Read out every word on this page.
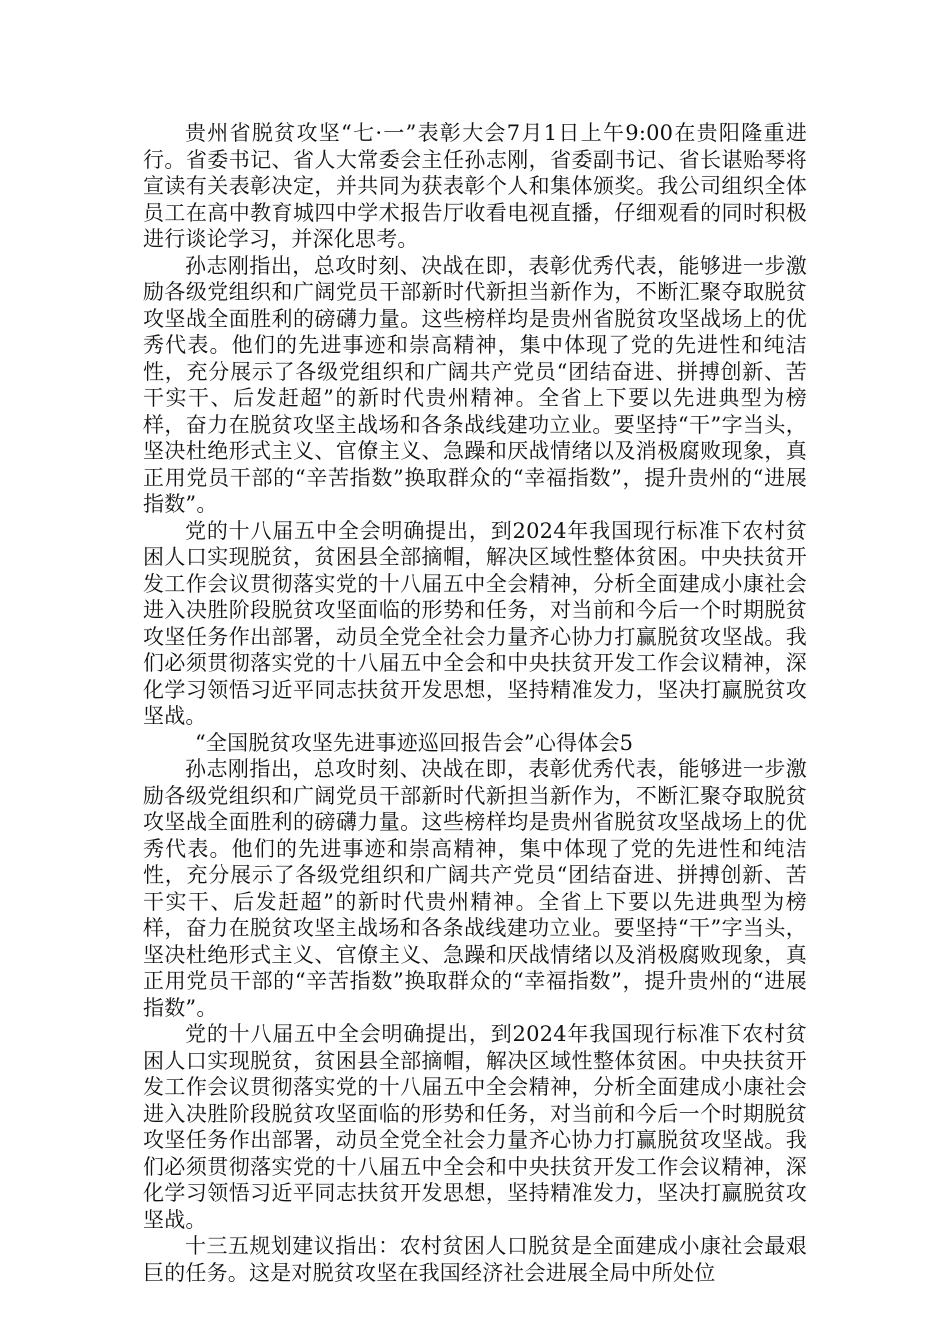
贵州省脱贫攻坚“七·一”表彰大会7月1日上午9:00在贵阳隆重进行。省委书记、省人大常委会主任孙志刚，省委副书记、省长谌贻琴将宣读有关表彰决定，并共同为获表彰个人和集体颁奖。我公司组织全体员工在高中教育城四中学术报告厅收看电视直播，仔细观看的同时积极进行谈论学习，并深化思考。

孙志刚指出，总攻时刻、决战在即，表彰优秀代表，能够进一步激励各级党组织和广阔党员干部新时代新担当新作为，不断汇聚夺取脱贫攻坚战全面胜利的磅礴力量。这些榜样均是贵州省脱贫攻坚战场上的优秀代表。他们的先进事迹和崇高精神，集中体现了党的先进性和纯洁性，充分展示了各级党组织和广阔共产党员“团结奋进、拼搏创新、苦干实干、后发赶超”的新时代贵州精神。全省上下要以先进典型为榜样，奋力在脱贫攻坚主战场和各条战线建功立业。要坚持“干”字当头，坚决杜绝形式主义、官僚主义、急躁和厌战情绪以及消极腐败现象，真正用党员干部的“辛苦指数”换取群众的“幸福指数”，提升贵州的“进展指数”。

党的十八届五中全会明确提出，到2024年我国现行标准下农村贫困人口实现脱贫，贫困县全部摘帽，解决区域性整体贫困。中央扶贫开发工作会议贯彻落实党的十八届五中全会精神，分析全面建成小康社会进入决胜阶段脱贫攻坚面临的形势和任务，对当前和今后一个时期脱贫攻坚任务作出部署，动员全党全社会力量齐心协力打赢脱贫攻坚战。我们必须贯彻落实党的十八届五中全会和中央扶贫开发工作会议精神，深化学习领悟习近平同志扶贫开发思想，坚持精准发力，坚决打赢脱贫攻坚战。

“全国脱贫攻坚先进事迹巡回报告会”心得体会5

孙志刚指出，总攻时刻、决战在即，表彰优秀代表，能够进一步激励各级党组织和广阔党员干部新时代新担当新作为，不断汇聚夺取脱贫攻坚战全面胜利的磅礴力量。这些榜样均是贵州省脱贫攻坚战场上的优秀代表。他们的先进事迹和崇高精神，集中体现了党的先进性和纯洁性，充分展示了各级党组织和广阔共产党员“团结奋进、拼搏创新、苦干实干、后发赶超”的新时代贵州精神。全省上下要以先进典型为榜样，奋力在脱贫攻坚主战场和各条战线建功立业。要坚持“干”字当头，坚决杜绝形式主义、官僚主义、急躁和厌战情绪以及消极腐败现象，真正用党员干部的“辛苦指数”换取群众的“幸福指数”，提升贵州的“进展指数”。

党的十八届五中全会明确提出，到2024年我国现行标准下农村贫困人口实现脱贫，贫困县全部摘帽，解决区域性整体贫困。中央扶贫开发工作会议贯彻落实党的十八届五中全会精神，分析全面建成小康社会进入决胜阶段脱贫攻坚面临的形势和任务，对当前和今后一个时期脱贫攻坚任务作出部署，动员全党全社会力量齐心协力打赢脱贫攻坚战。我们必须贯彻落实党的十八届五中全会和中央扶贫开发工作会议精神，深化学习领悟习近平同志扶贫开发思想，坚持精准发力，坚决打赢脱贫攻坚战。

十三五规划建议指出：农村贫困人口脱贫是全面建成小康社会最艰巨的任务。这是对脱贫攻坚在我国经济社会进展全局中所处位
